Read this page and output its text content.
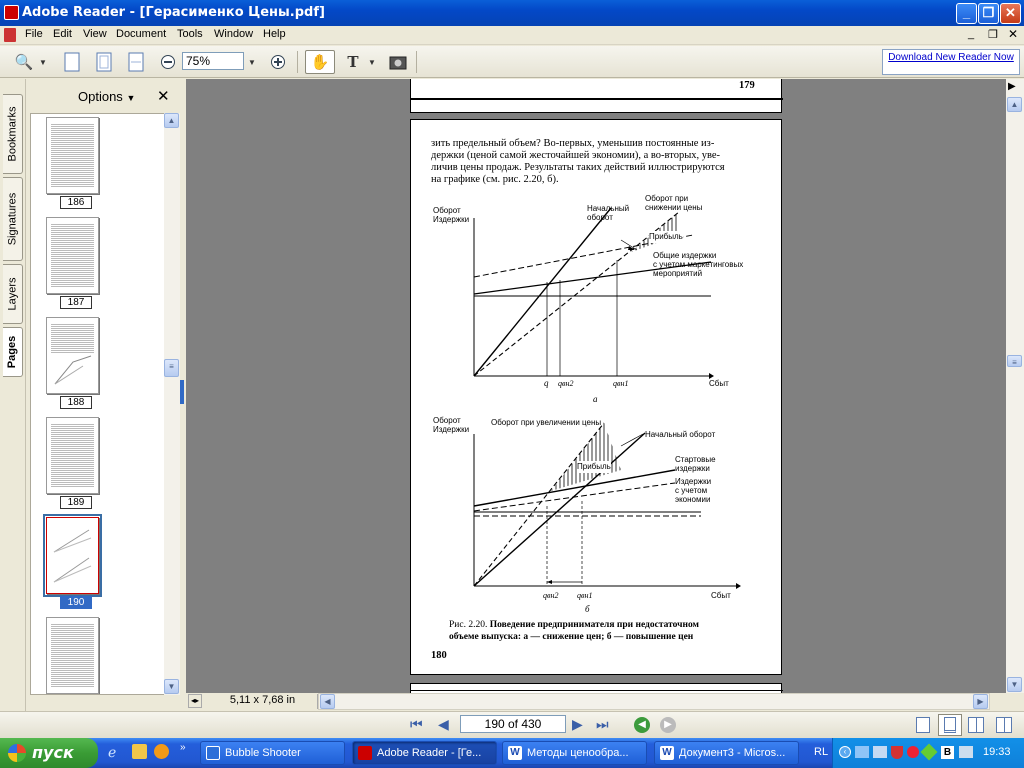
Adobe Reader - [Герасименко Цены.pdf]	_ ❐ ✕
File Edit View Document Tools Window Help	_ ❐ ✕
🔍 ▼
75%	▼	✋	T	▼	Download New Reader Now
Bookmarks
Signatures
Layers
Pages
Options ▼ ✕
186
187
188
189
190
▲
≡
▼
179
зить предельный объем? Во-первых, уменьшив постоянные из-
держки (ценой самой жесточайшей экономии), а во-вторых, уве-
личив цены продаж. Результаты таких действий иллюстрируются
на графике (см. рис. 2.20, б).
Оборот
Издержки
Начальный
оборот
Оборот при
снижении цены
Прибыль
Общие издержки
с учетом маркетинговых
мероприятий
q qвн2	qвн1	Сбыт
а
Оборот
Издержки
Оборот при увеличении цены
Начальный оборот
Прибыль
Стартовые
издержки
Издержки
с учетом
экономии
qвн2 qвн1	Сбыт
б
Рис. 2.20. Поведение предпринимателя при недостаточном
объеме выпуска: а — снижение цен; б — повышение цен
180
▶
▲
≡
▼
◂▸	5,11 x 7,68 in	◀	▶
⏮ ◀	▶ ⏭	◀	▶
190 of 430
пуск ℯ	»	Bubble Shooter	Adobe Reader - [Ге...	W Методы ценообра...	W Документ3 - Micros...	RL	‹	B	19:33
